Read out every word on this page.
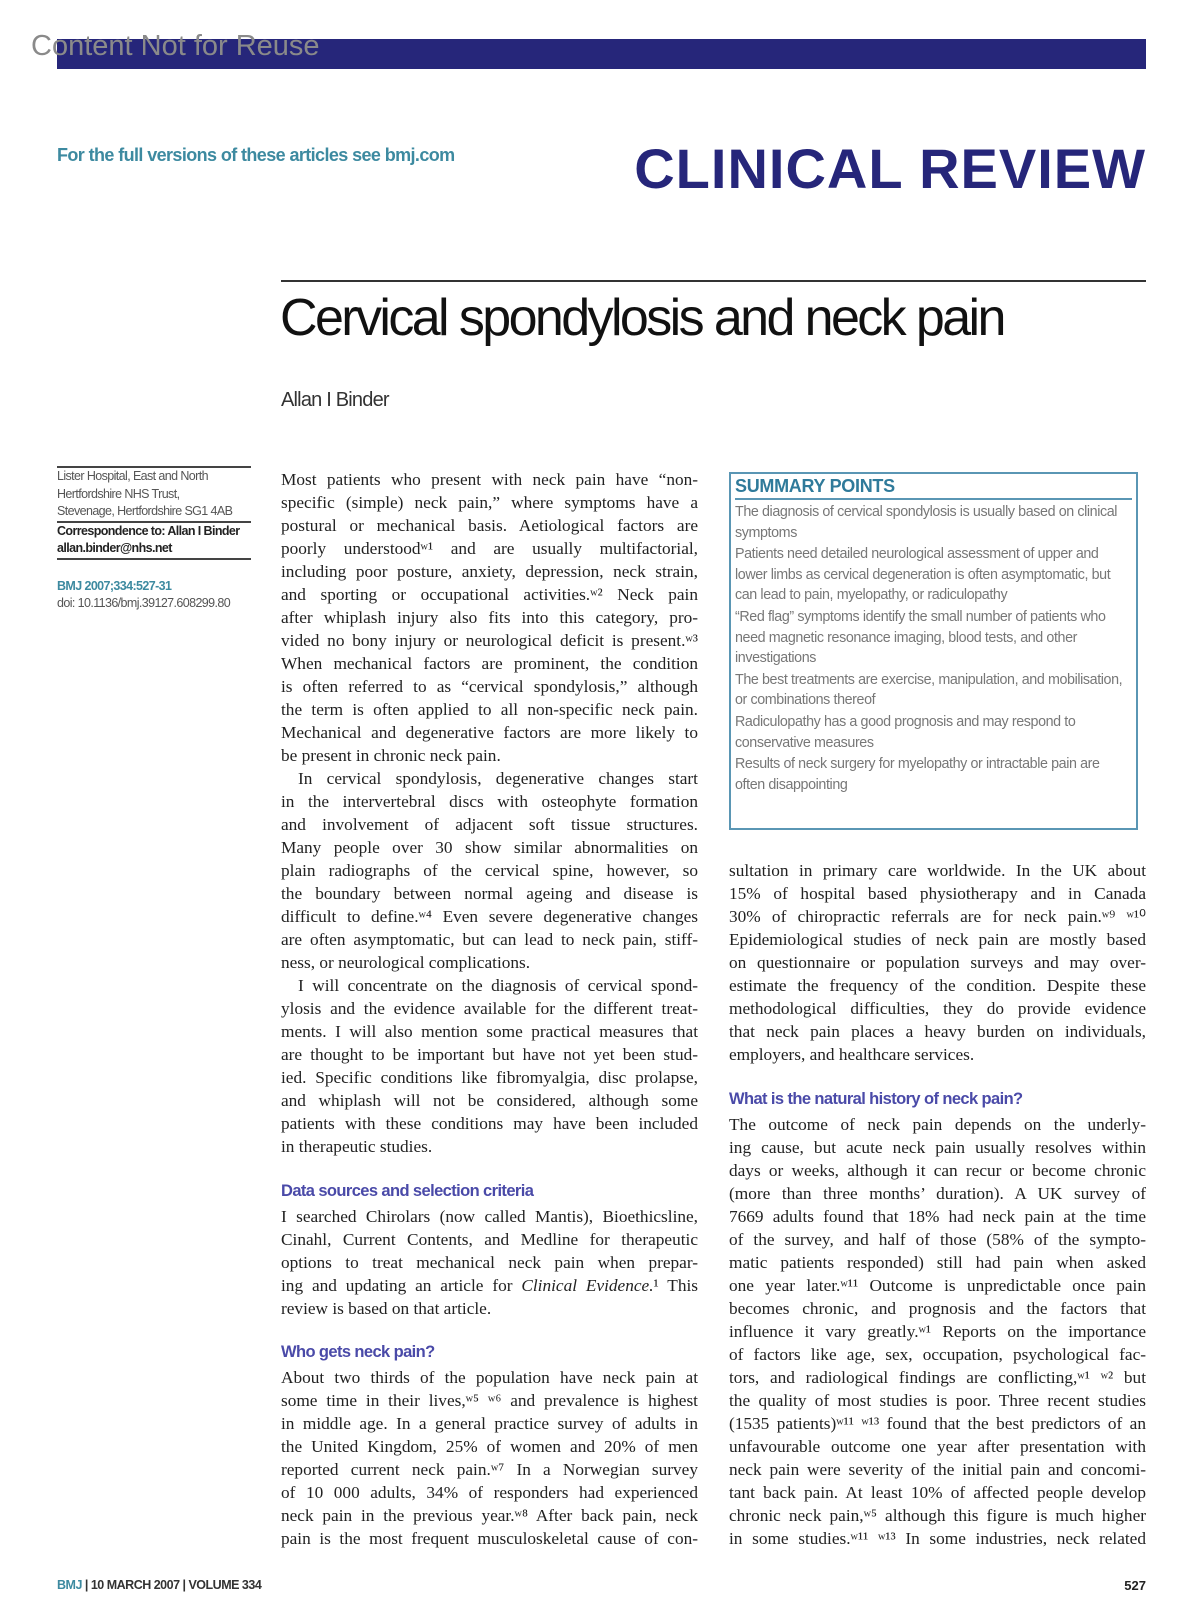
Content Not for Reuse
For the full versions of these articles see bmj.com	CLINICAL REVIEW
Cervical spondylosis and neck pain
Allan I Binder
Lister Hospital, East and North
Hertfordshire NHS Trust,
Stevenage, Hertfordshire SG1 4AB
Correspondence to: Allan I Binder
allan.binder@nhs.net
BMJ 2007;334:527-31
doi: 10.1136/bmj.39127.608299.80
Most patients who present with neck pain have “non-
specific (simple) neck pain,” where symptoms have a
postural or mechanical basis. Aetiological factors are
poorly understoodʷ¹ and are usually multifactorial,
including poor posture, anxiety, depression, neck strain,
and sporting or occupational activities.ʷ² Neck pain
after whiplash injury also fits into this category, pro-
vided no bony injury or neurological deficit is present.ʷ³
When mechanical factors are prominent, the condition
is often referred to as “cervical spondylosis,” although
the term is often applied to all non-specific neck pain.
Mechanical and degenerative factors are more likely to
be present in chronic neck pain.
In cervical spondylosis, degenerative changes start
in the intervertebral discs with osteophyte formation
and involvement of adjacent soft tissue structures.
Many people over 30 show similar abnormalities on
plain radiographs of the cervical spine, however, so
the boundary between normal ageing and disease is
difficult to define.ʷ⁴ Even severe degenerative changes
are often asymptomatic, but can lead to neck pain, stiff-
ness, or neurological complications.
I will concentrate on the diagnosis of cervical spond-
ylosis and the evidence available for the different treat-
ments. I will also mention some practical measures that
are thought to be important but have not yet been stud-
ied. Specific conditions like fibromyalgia, disc prolapse,
and whiplash will not be considered, although some
patients with these conditions may have been included
in therapeutic studies.
Data sources and selection criteria
I searched Chirolars (now called Mantis), Bioethicsline,
Cinahl, Current Contents, and Medline for therapeutic
options to treat mechanical neck pain when prepar-
ing and updating an article for Clinical Evidence.¹ This
review is based on that article.
Who gets neck pain?
About two thirds of the population have neck pain at
some time in their lives,ʷ⁵ ʷ⁶ and prevalence is highest
in middle age. In a general practice survey of adults in
the United Kingdom, 25% of women and 20% of men
reported current neck pain.ʷ⁷ In a Norwegian survey
of 10 000 adults, 34% of responders had experienced
neck pain in the previous year.ʷ⁸ After back pain, neck
pain is the most frequent musculoskeletal cause of con-
SUMMARY POINTS
The diagnosis of cervical spondylosis is usually based on clinical symptoms
Patients need detailed neurological assessment of upper and lower limbs as cervical degeneration is often asymptomatic, but can lead to pain, myelopathy, or radiculopathy
“Red flag” symptoms identify the small number of patients who need magnetic resonance imaging, blood tests, and other investigations
The best treatments are exercise, manipulation, and mobilisation, or combinations thereof
Radiculopathy has a good prognosis and may respond to conservative measures
Results of neck surgery for myelopathy or intractable pain are often disappointing
sultation in primary care worldwide. In the UK about
15% of hospital based physiotherapy and in Canada
30% of chiropractic referrals are for neck pain.ʷ⁹ ʷ¹⁰
Epidemiological studies of neck pain are mostly based
on questionnaire or population surveys and may over-
estimate the frequency of the condition. Despite these
methodological difficulties, they do provide evidence
that neck pain places a heavy burden on individuals,
employers, and healthcare services.
What is the natural history of neck pain?
The outcome of neck pain depends on the underly-
ing cause, but acute neck pain usually resolves within
days or weeks, although it can recur or become chronic
(more than three months’ duration). A UK survey of
7669 adults found that 18% had neck pain at the time
of the survey, and half of those (58% of the sympto-
matic patients responded) still had pain when asked
one year later.ʷ¹¹ Outcome is unpredictable once pain
becomes chronic, and prognosis and the factors that
influence it vary greatly.ʷ¹ Reports on the importance
of factors like age, sex, occupation, psychological fac-
tors, and radiological findings are conflicting,ʷ¹ ʷ² but
the quality of most studies is poor. Three recent studies
(1535 patients)ʷ¹¹ ʷ¹³ found that the best predictors of an
unfavourable outcome one year after presentation with
neck pain were severity of the initial pain and concomi-
tant back pain. At least 10% of affected people develop
chronic neck pain,ʷ⁵ although this figure is much higher
in some studies.ʷ¹¹ ʷ¹³ In some industries, neck related
BMJ | 10 MARCH 2007 | VOLUME 334	527
